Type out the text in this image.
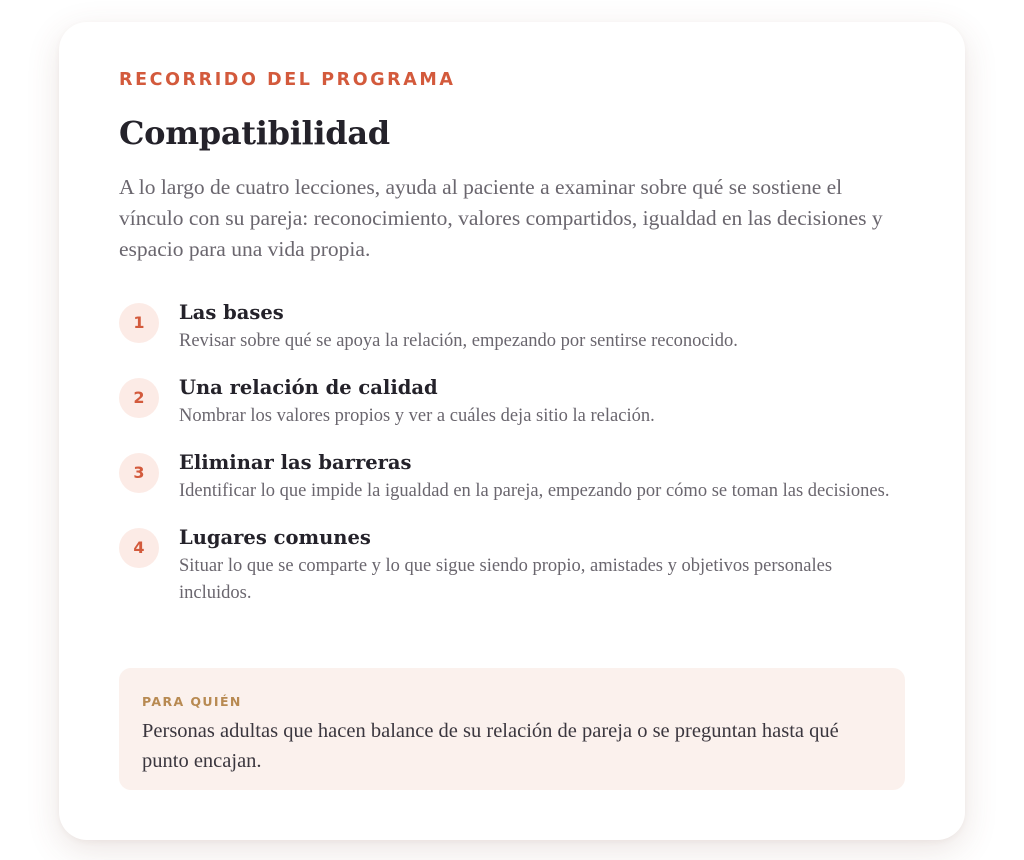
RECORRIDO DEL PROGRAMA
Compatibilidad

A lo largo de cuatro lecciones, ayuda al paciente a examinar sobre qué se sostiene el vínculo con su pareja: reconocimiento, valores compartidos, igualdad en las decisiones y espacio para una vida propia.

1	Las bases
Revisar sobre qué se apoya la relación, empezando por sentirse reconocido.
2	Una relación de calidad
Nombrar los valores propios y ver a cuáles deja sitio la relación.
3	Eliminar las barreras
Identificar lo que impide la igualdad en la pareja, empezando por cómo se toman las decisiones.
4	Lugares comunes
Situar lo que se comparte y lo que sigue siendo propio, amistades y objetivos personales incluidos.
PARA QUIÉN
Personas adultas que hacen balance de su relación de pareja o se preguntan hasta qué punto encajan.
